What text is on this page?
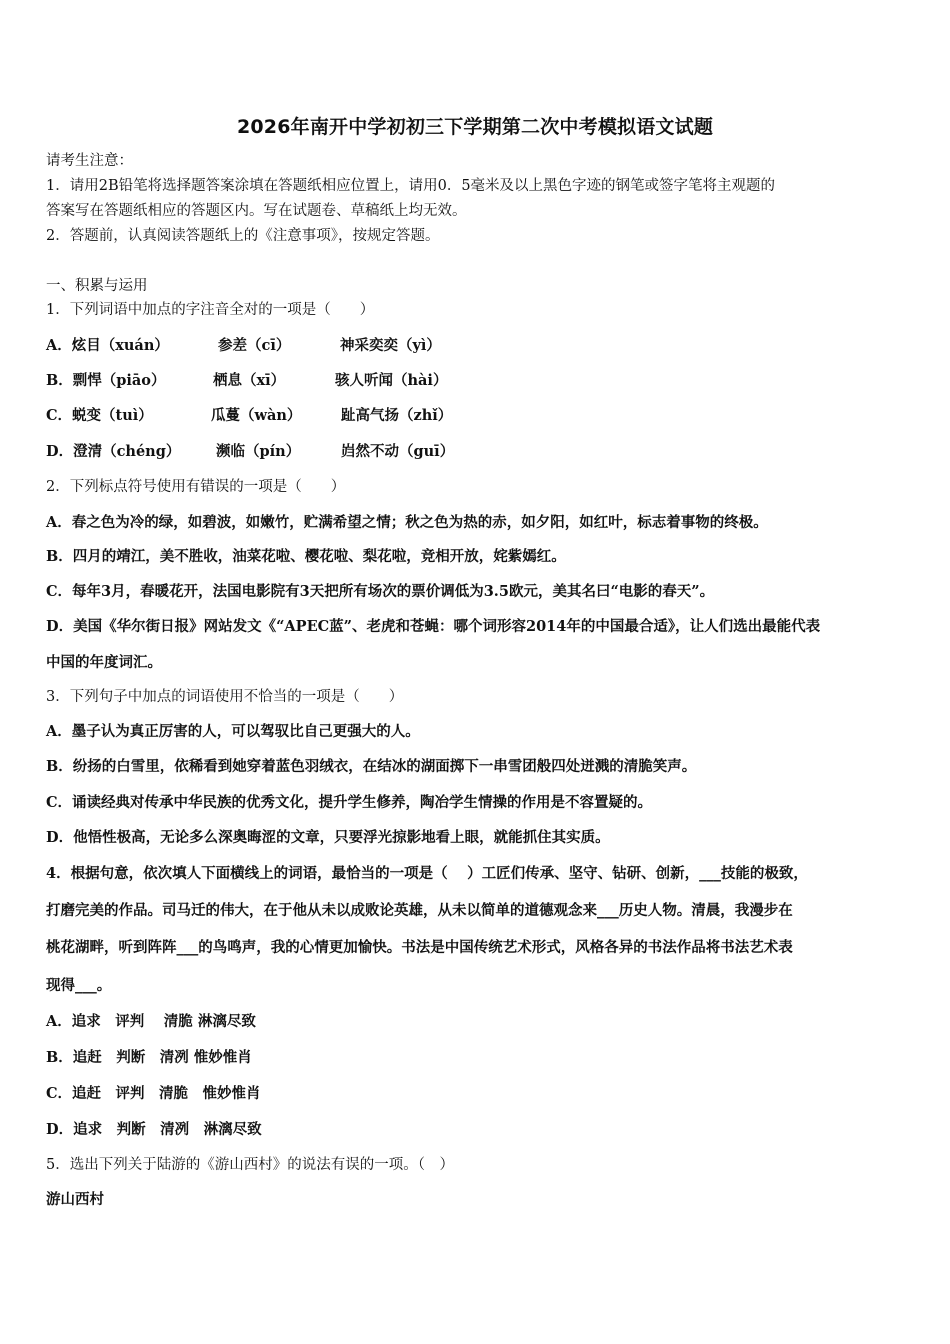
2026年南开中学初初三下学期第二次中考模拟语文试题
请考生注意：
1．请用2B铅笔将选择题答案涂填在答题纸相应位置上，请用0．5毫米及以上黑色字迹的钢笔或签字笔将主观题的
答案写在答题纸相应的答题区内。写在试题卷、草稿纸上均无效。
2．答题前，认真阅读答题纸上的《注意事项》，按规定答题。
一、积累与运用
1．下列词语中加点的字注音全对的一项是（　　）
A．炫目（xuán）	参差（cī）	神采奕奕（yì）
B．剽悍（piāo）	栖息（xī）	骇人听闻（hài）
C．蜕变（tuì）	瓜蔓（wàn）	趾高气扬（zhǐ）
D．澄清（chéng） 濒临（pín）	岿然不动（guī）
2．下列标点符号使用有错误的一项是（　　）
A．春之色为冷的绿，如碧波，如嫩竹，贮满希望之情；秋之色为热的赤，如夕阳，如红叶，标志着事物的终极。
B．四月的靖江，美不胜收，油菜花啦、樱花啦、梨花啦，竞相开放，姹紫嫣红。
C．每年3月，春暖花开，法国电影院有3天把所有场次的票价调低为3.5欧元，美其名曰“电影的春天”。
D．美国《华尔街日报》网站发文《“APEC蓝”、老虎和苍蝇：哪个词形容2014年的中国最合适》，让人们选出最能代表
中国的年度词汇。
3．下列句子中加点的词语使用不恰当的一项是（　　）
A．墨子认为真正厉害的人，可以驾驭比自己更强大的人。
B．纷扬的白雪里，依稀看到她穿着蓝色羽绒衣，在结冰的湖面掷下一串雪团般四处迸溅的清脆笑声。
C．诵读经典对传承中华民族的优秀文化，提升学生修养，陶冶学生情操的作用是不容置疑的。
D．他悟性极高，无论多么深奥晦涩的文章，只要浮光掠影地看上眼，就能抓住其实质。
4．根据句意，依次填人下面横线上的词语，最恰当的一项是（　 ）工匠们传承、坚守、钻研、创新，___技能的极致，
打磨完美的作品。司马迁的伟大，在于他从未以成败论英雄，从未以简单的道德观念来___历史人物。清晨，我漫步在
桃花湖畔，听到阵阵___的鸟鸣声，我的心情更加愉快。书法是中国传统艺术形式，风格各异的书法作品将书法艺术表
现得___。
A．追求　评判　 清脆 淋漓尽致
B．追赶　判断　清冽 惟妙惟肖
C．追赶　评判　清脆　惟妙惟肖
D．追求　判断　清冽　淋漓尽致
5．选出下列关于陆游的《游山西村》的说法有误的一项。（　）
游山西村
